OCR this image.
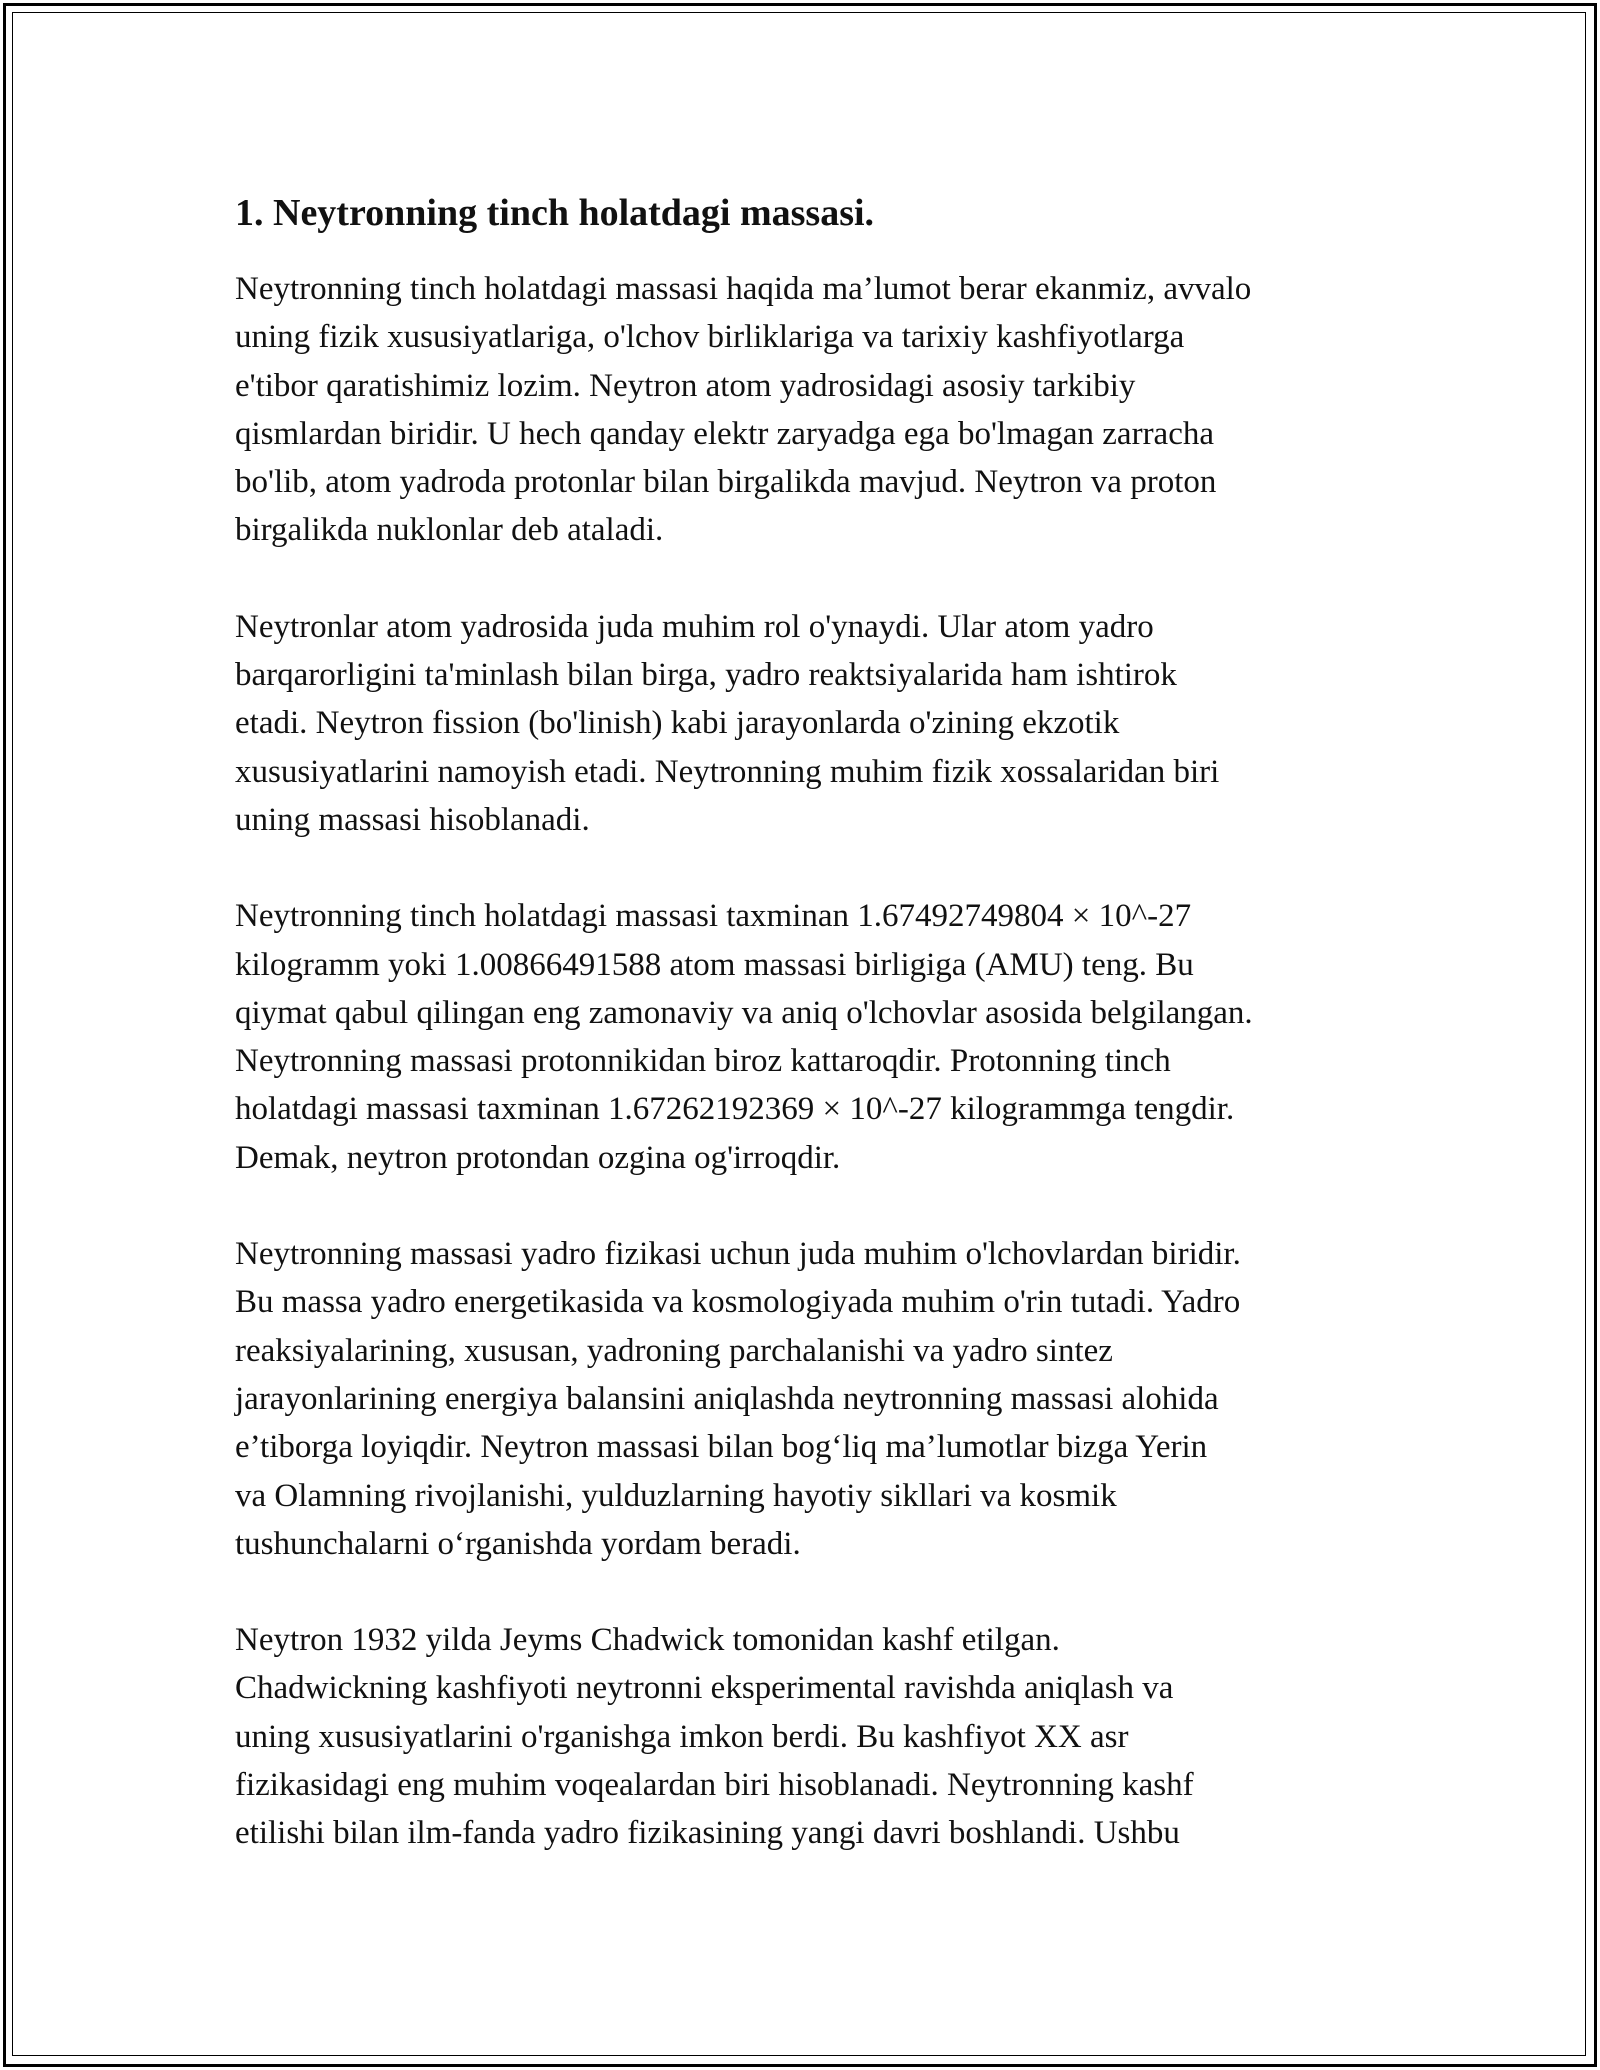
1. Neytronning tinch holatdagi massasi.

Neytronning tinch holatdagi massasi haqida ma’lumot berar ekanmiz, avvalo
uning fizik xususiyatlariga, o'lchov birliklariga va tarixiy kashfiyotlarga
e'tibor qaratishimiz lozim. Neytron atom yadrosidagi asosiy tarkibiy
qismlardan biridir. U hech qanday elektr zaryadga ega bo'lmagan zarracha
bo'lib, atom yadroda protonlar bilan birgalikda mavjud. Neytron va proton
birgalikda nuklonlar deb ataladi.

Neytronlar atom yadrosida juda muhim rol o'ynaydi. Ular atom yadro
barqarorligini ta'minlash bilan birga, yadro reaktsiyalarida ham ishtirok
etadi. Neytron fission (bo'linish) kabi jarayonlarda o'zining ekzotik
xususiyatlarini namoyish etadi. Neytronning muhim fizik xossalaridan biri
uning massasi hisoblanadi.

Neytronning tinch holatdagi massasi taxminan 1.67492749804 × 10^-27
kilogramm yoki 1.00866491588 atom massasi birligiga (AMU) teng. Bu
qiymat qabul qilingan eng zamonaviy va aniq o'lchovlar asosida belgilangan.
Neytronning massasi protonnikidan biroz kattaroqdir. Protonning tinch
holatdagi massasi taxminan 1.67262192369 × 10^-27 kilogrammga tengdir.
Demak, neytron protondan ozgina og'irroqdir.

Neytronning massasi yadro fizikasi uchun juda muhim o'lchovlardan biridir.
Bu massa yadro energetikasida va kosmologiyada muhim o'rin tutadi. Yadro
reaksiyalarining, xususan, yadroning parchalanishi va yadro sintez
jarayonlarining energiya balansini aniqlashda neytronning massasi alohida
e’tiborga loyiqdir. Neytron massasi bilan bog‘liq ma’lumotlar bizga Yerin
va Olamning rivojlanishi, yulduzlarning hayotiy sikllari va kosmik
tushunchalarni o‘rganishda yordam beradi.

Neytron 1932 yilda Jeyms Chadwick tomonidan kashf etilgan.
Chadwickning kashfiyoti neytronni eksperimental ravishda aniqlash va
uning xususiyatlarini o'rganishga imkon berdi. Bu kashfiyot XX asr
fizikasidagi eng muhim voqealardan biri hisoblanadi. Neytronning kashf
etilishi bilan ilm-fanda yadro fizikasining yangi davri boshlandi. Ushbu
